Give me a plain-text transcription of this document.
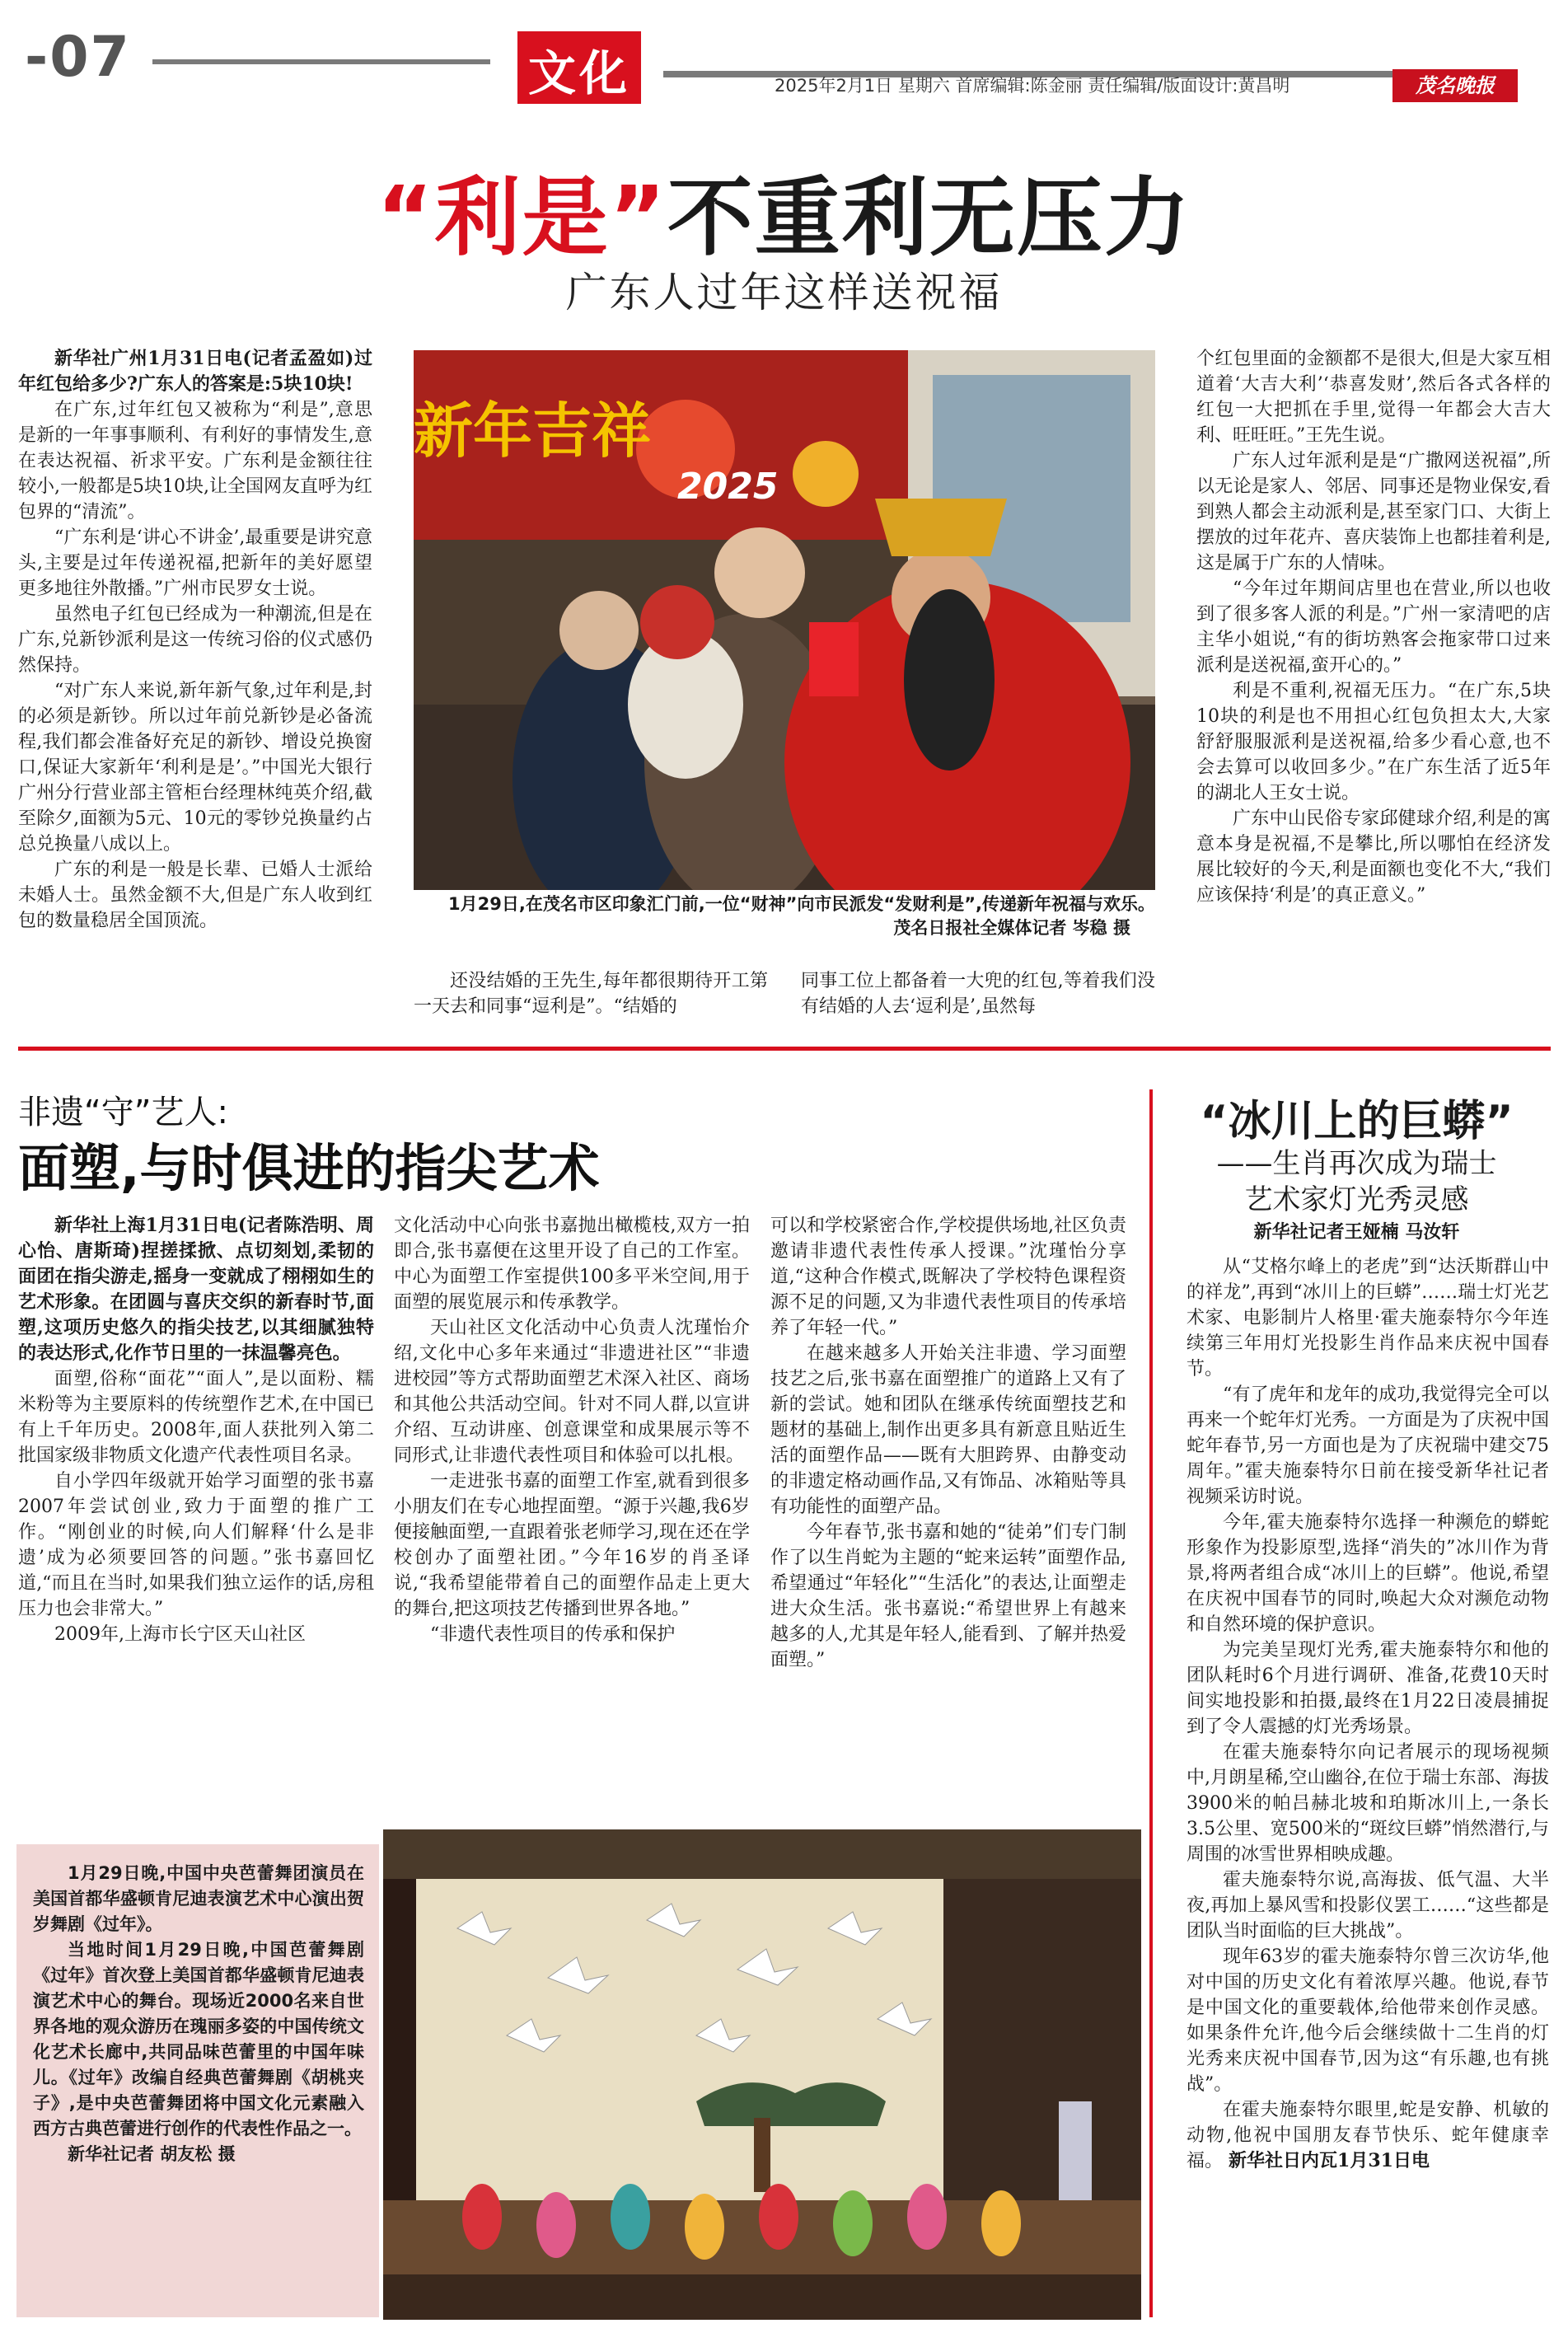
-07	文化	2025年2月1日 星期六 首席编辑:陈金丽 责任编辑/版面设计:黄昌明	茂名晚报
“利是”不重利无压力
广东人过年这样送祝福

新华社广州1月31日电(记者孟盈如)过年红包给多少?广东人的答案是:5块10块!

在广东,过年红包又被称为“利是”,意思是新的一年事事顺利、有利好的事情发生,意在表达祝福、祈求平安。广东利是金额往往较小,一般都是5块10块,让全国网友直呼为红包界的“清流”。

“广东利是‘讲心不讲金’,最重要是讲究意头,主要是过年传递祝福,把新年的美好愿望更多地往外散播。”广州市民罗女士说。

虽然电子红包已经成为一种潮流,但是在广东,兑新钞派利是这一传统习俗的仪式感仍然保持。

“对广东人来说,新年新气象,过年利是,封的必须是新钞。所以过年前兑新钞是必备流程,我们都会准备好充足的新钞、增设兑换窗口,保证大家新年‘利利是是’。”中国光大银行广州分行营业部主管柜台经理林纯英介绍,截至除夕,面额为5元、10元的零钞兑换量约占总兑换量八成以上。

广东的利是一般是长辈、已婚人士派给未婚人士。虽然金额不大,但是广东人收到红包的数量稳居全国顶流。

新年吉祥
2025
1月29日,在茂名市区印象汇门前,一位“财神”向市民派发“发财利是”,传递新年祝福与欢乐。
茂名日报社全媒体记者 岑稳 摄

还没结婚的王先生,每年都很期待开工第一天去和同事“逗利是”。“结婚的

同事工位上都备着一大兜的红包,等着我们没有结婚的人去‘逗利是’,虽然每

个红包里面的金额都不是很大,但是大家互相道着‘大吉大利’‘恭喜发财’,然后各式各样的红包一大把抓在手里,觉得一年都会大吉大利、旺旺旺。”王先生说。

广东人过年派利是是“广撒网送祝福”,所以无论是家人、邻居、同事还是物业保安,看到熟人都会主动派利是,甚至家门口、大街上摆放的过年花卉、喜庆装饰上也都挂着利是,这是属于广东的人情味。

“今年过年期间店里也在营业,所以也收到了很多客人派的利是。”广州一家清吧的店主华小姐说,“有的街坊熟客会拖家带口过来派利是送祝福,蛮开心的。”

利是不重利,祝福无压力。“在广东,5块10块的利是也不用担心红包负担太大,大家舒舒服服派利是送祝福,给多少看心意,也不会去算可以收回多少。”在广东生活了近5年的湖北人王女士说。

广东中山民俗专家邱健球介绍,利是的寓意本身是祝福,不是攀比,所以哪怕在经济发展比较好的今天,利是面额也变化不大,“我们应该保持‘利是’的真正意义。”

非遗“守”艺人:
面塑,与时俱进的指尖艺术

新华社上海1月31日电(记者陈浩明、周心怡、唐斯琦)捏搓揉掀、点切刻划,柔韧的面团在指尖游走,摇身一变就成了栩栩如生的艺术形象。在团圆与喜庆交织的新春时节,面塑,这项历史悠久的指尖技艺,以其细腻独特的表达形式,化作节日里的一抹温馨亮色。

面塑,俗称“面花”“面人”,是以面粉、糯米粉等为主要原料的传统塑作艺术,在中国已有上千年历史。2008年,面人获批列入第二批国家级非物质文化遗产代表性项目名录。

自小学四年级就开始学习面塑的张书嘉2007年尝试创业,致力于面塑的推广工作。“刚创业的时候,向人们解释‘什么是非遗’成为必须要回答的问题。”张书嘉回忆道,“而且在当时,如果我们独立运作的话,房租压力也会非常大。”

2009年,上海市长宁区天山社区

文化活动中心向张书嘉抛出橄榄枝,双方一拍即合,张书嘉便在这里开设了自己的工作室。中心为面塑工作室提供100多平米空间,用于面塑的展览展示和传承教学。

天山社区文化活动中心负责人沈瑾怡介绍,文化中心多年来通过“非遗进社区”“非遗进校园”等方式帮助面塑艺术深入社区、商场和其他公共活动空间。针对不同人群,以宣讲介绍、互动讲座、创意课堂和成果展示等不同形式,让非遗代表性项目和体验可以扎根。

一走进张书嘉的面塑工作室,就看到很多小朋友们在专心地捏面塑。“源于兴趣,我6岁便接触面塑,一直跟着张老师学习,现在还在学校创办了面塑社团。”今年16岁的肖圣译说,“我希望能带着自己的面塑作品走上更大的舞台,把这项技艺传播到世界各地。”

“非遗代表性项目的传承和保护

可以和学校紧密合作,学校提供场地,社区负责邀请非遗代表性传承人授课。”沈瑾怡分享道,“这种合作模式,既解决了学校特色课程资源不足的问题,又为非遗代表性项目的传承培养了年轻一代。”

在越来越多人开始关注非遗、学习面塑技艺之后,张书嘉在面塑推广的道路上又有了新的尝试。她和团队在继承传统面塑技艺和题材的基础上,制作出更多具有新意且贴近生活的面塑作品——既有大胆跨界、由静变动的非遗定格动画作品,又有饰品、冰箱贴等具有功能性的面塑产品。

今年春节,张书嘉和她的“徒弟”们专门制作了以生肖蛇为主题的“蛇来运转”面塑作品,希望通过“年轻化”“生活化”的表达,让面塑走进大众生活。张书嘉说:“希望世界上有越来越多的人,尤其是年轻人,能看到、了解并热爱面塑。”

“冰川上的巨蟒”
——生肖再次成为瑞士
艺术家灯光秀灵感
新华社记者王娅楠 马汝轩

从“艾格尔峰上的老虎”到“达沃斯群山中的祥龙”,再到“冰川上的巨蟒”……瑞士灯光艺术家、电影制片人格里·霍夫施泰特尔今年连续第三年用灯光投影生肖作品来庆祝中国春节。

“有了虎年和龙年的成功,我觉得完全可以再来一个蛇年灯光秀。一方面是为了庆祝中国蛇年春节,另一方面也是为了庆祝瑞中建交75周年。”霍夫施泰特尔日前在接受新华社记者视频采访时说。

今年,霍夫施泰特尔选择一种濒危的蟒蛇形象作为投影原型,选择“消失的”冰川作为背景,将两者组合成“冰川上的巨蟒”。他说,希望在庆祝中国春节的同时,唤起大众对濒危动物和自然环境的保护意识。

为完美呈现灯光秀,霍夫施泰特尔和他的团队耗时6个月进行调研、准备,花费10天时间实地投影和拍摄,最终在1月22日凌晨捕捉到了令人震撼的灯光秀场景。

在霍夫施泰特尔向记者展示的现场视频中,月朗星稀,空山幽谷,在位于瑞士东部、海拔3900米的帕吕赫北坡和珀斯冰川上,一条长3.5公里、宽500米的“斑纹巨蟒”悄然潜行,与周围的冰雪世界相映成趣。

霍夫施泰特尔说,高海拔、低气温、大半夜,再加上暴风雪和投影仪罢工……“这些都是团队当时面临的巨大挑战”。

现年63岁的霍夫施泰特尔曾三次访华,他对中国的历史文化有着浓厚兴趣。他说,春节是中国文化的重要载体,给他带来创作灵感。如果条件允许,他今后会继续做十二生肖的灯光秀来庆祝中国春节,因为这“有乐趣,也有挑战”。

在霍夫施泰特尔眼里,蛇是安静、机敏的动物,他祝中国朋友春节快乐、蛇年健康幸福。 新华社日内瓦1月31日电

1月29日晚,中国中央芭蕾舞团演员在美国首都华盛顿肯尼迪表演艺术中心演出贺岁舞剧《过年》。

当地时间1月29日晚,中国芭蕾舞剧《过年》首次登上美国首都华盛顿肯尼迪表演艺术中心的舞台。现场近2000名来自世界各地的观众游历在瑰丽多姿的中国传统文化艺术长廊中,共同品味芭蕾里的中国年味儿。《过年》改编自经典芭蕾舞剧《胡桃夹子》,是中央芭蕾舞团将中国文化元素融入西方古典芭蕾进行创作的代表性作品之一。

新华社记者 胡友松 摄
